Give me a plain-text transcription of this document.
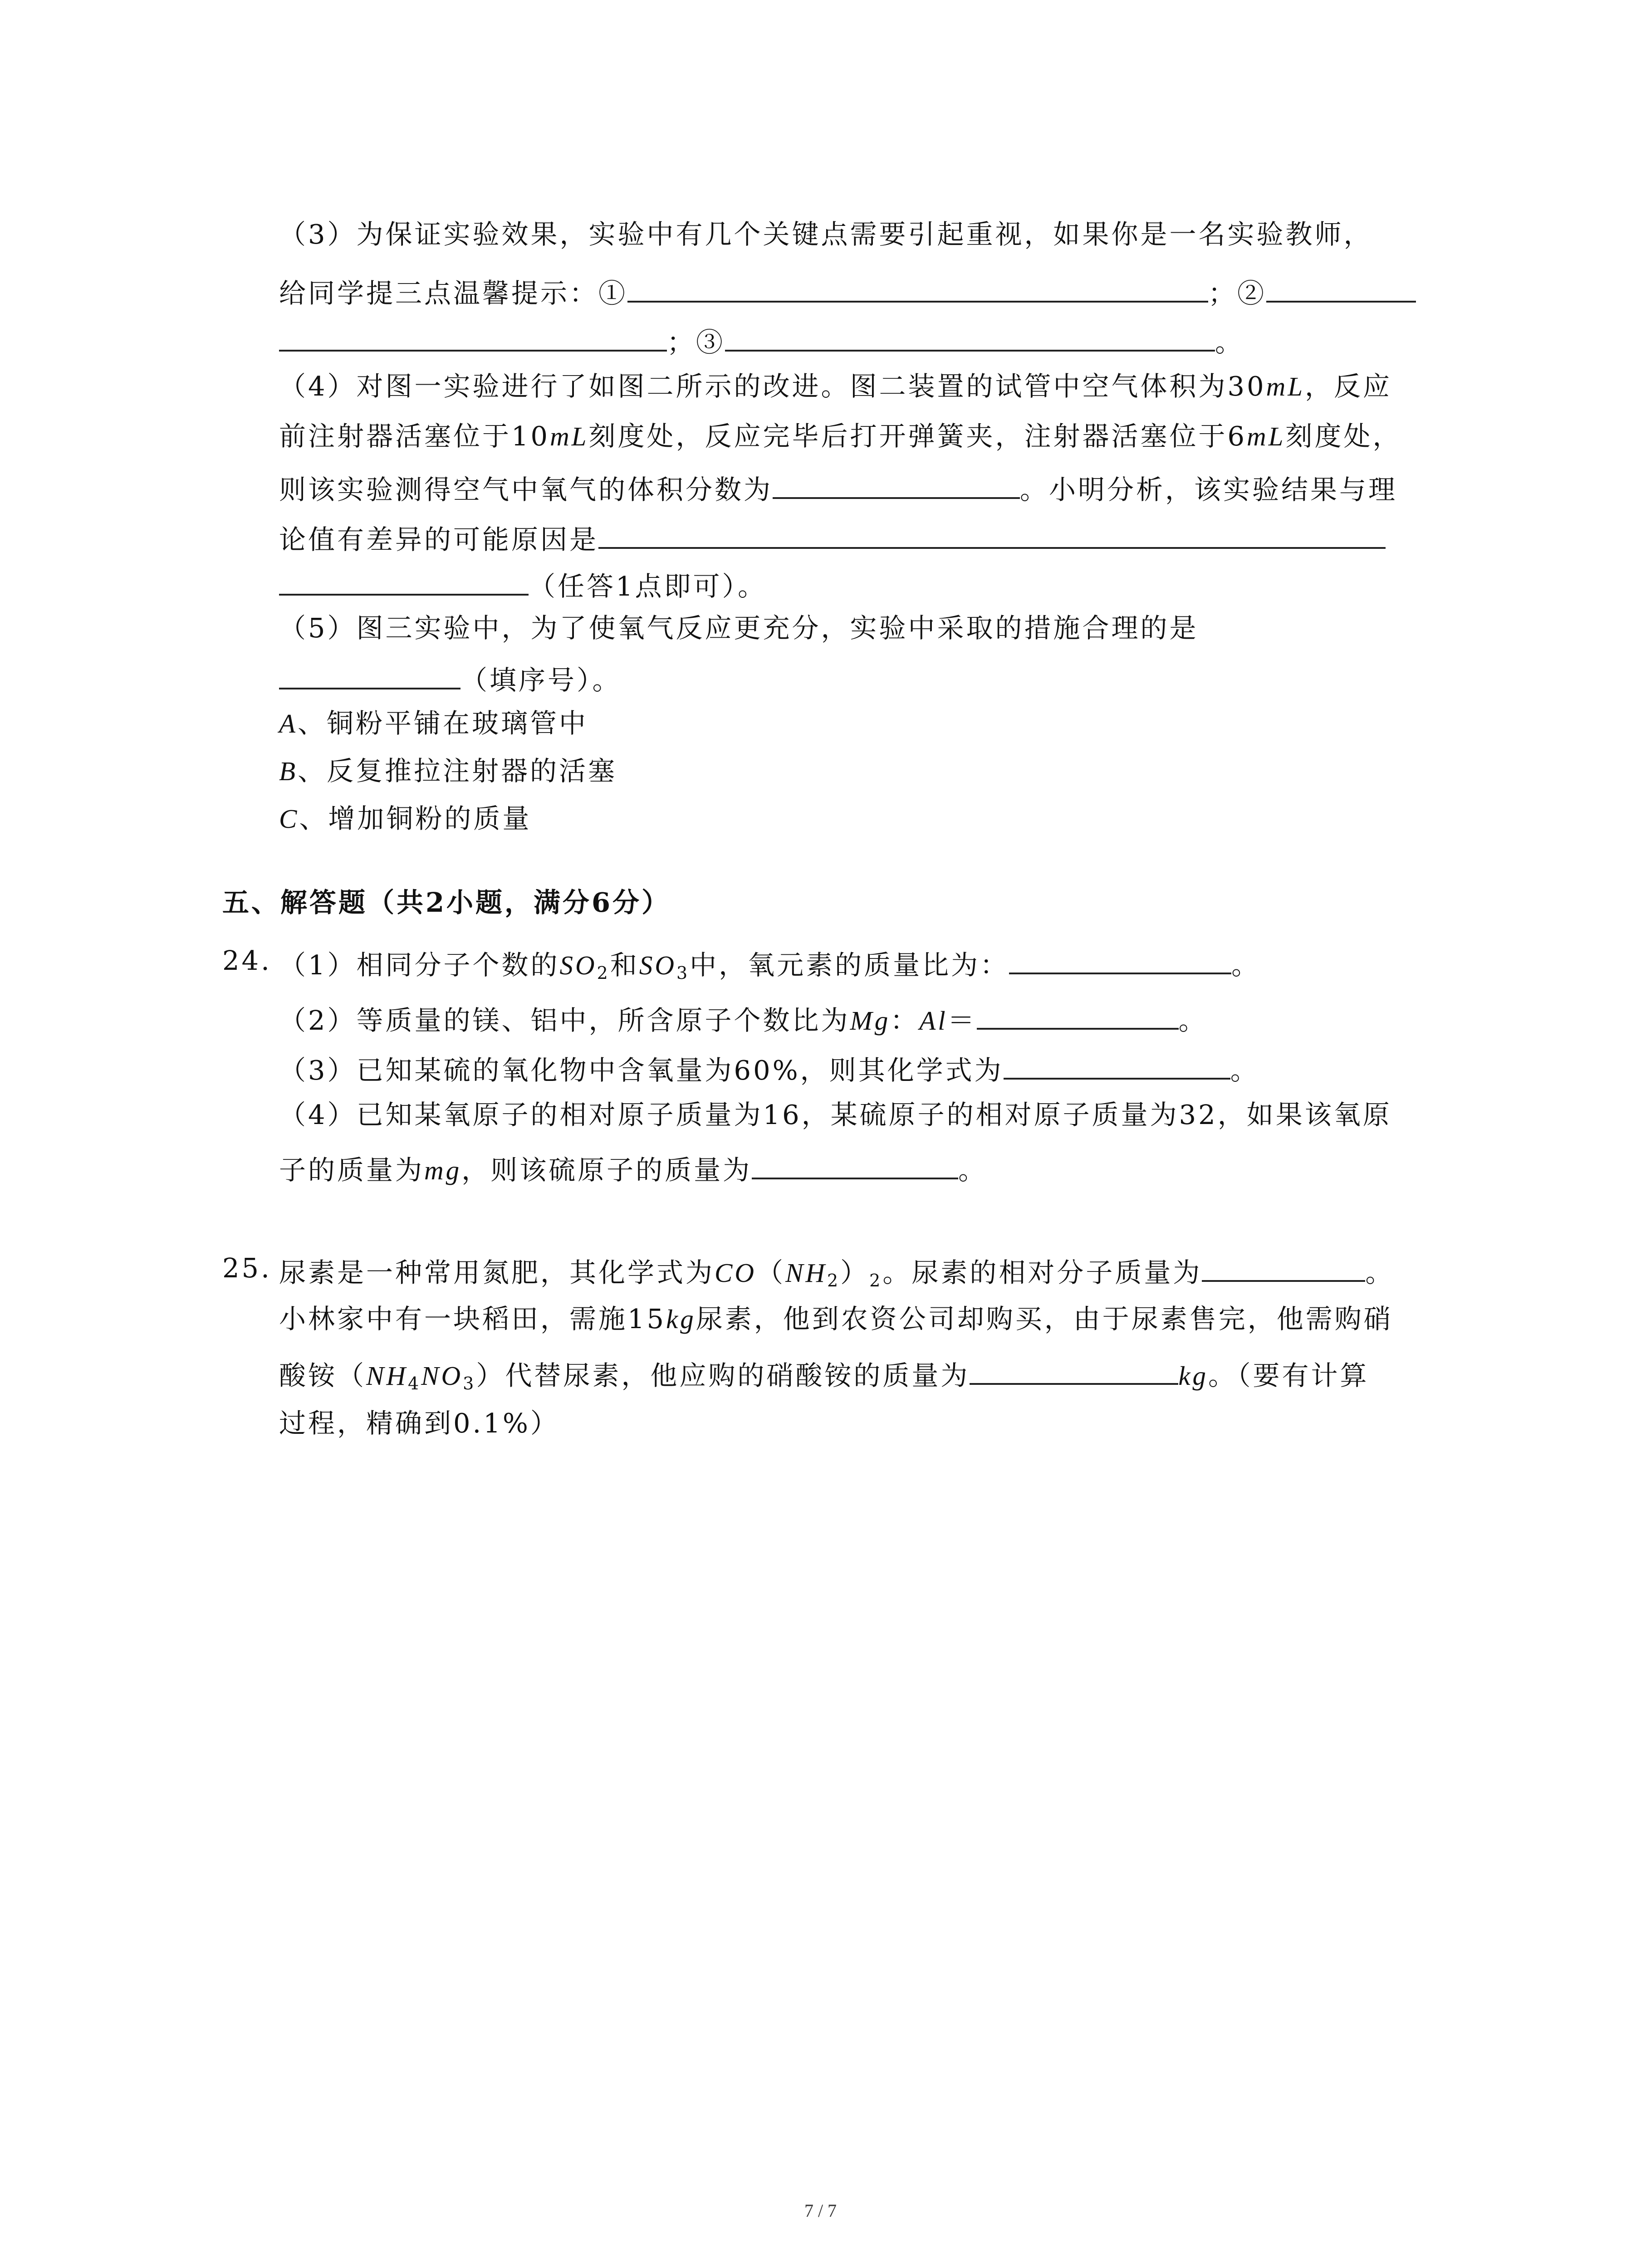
（3）为保证实验效果，实验中有几个关键点需要引起重视，如果你是一名实验教师，
给同学提三点温馨提示：①	；②
；③	。
（4）对图一实验进行了如图二所示的改进。图二装置的试管中空气体积为30mL，反应
前注射器活塞位于10mL刻度处，反应完毕后打开弹簧夹，注射器活塞位于6mL刻度处，
则该实验测得空气中氧气的体积分数为	。小明分析，该实验结果与理
论值有差异的可能原因是
（任答1点即可）。
（5）图三实验中，为了使氧气反应更充分，实验中采取的措施合理的是
（填序号）。
A、铜粉平铺在玻璃管中
B、反复推拉注射器的活塞
C、增加铜粉的质量
五、解答题（共2小题，满分6分）
24. （1）相同分子个数的$SO_2$和$SO_3$中，氧元素的质量比为：	。
（2）等质量的镁、铝中，所含原子个数比为Mg：Al＝	。
（3）已知某硫的氧化物中含氧量为60%，则其化学式为	。
（4）已知某氧原子的相对原子质量为16，某硫原子的相对原子质量为32，如果该氧原
子的质量为mg，则该硫原子的质量为	。
25. 尿素是一种常用氮肥，其化学式为$CO(NH_2)_2$。尿素的相对分子质量为	。
小林家中有一块稻田，需施15kg尿素，他到农资公司却购买，由于尿素售完，他需购硝
酸铵$(NH_4NO_3)$代替尿素，他应购的硝酸铵的质量为	kg。（要有计算
过程，精确到0.1%）
7 / 7
